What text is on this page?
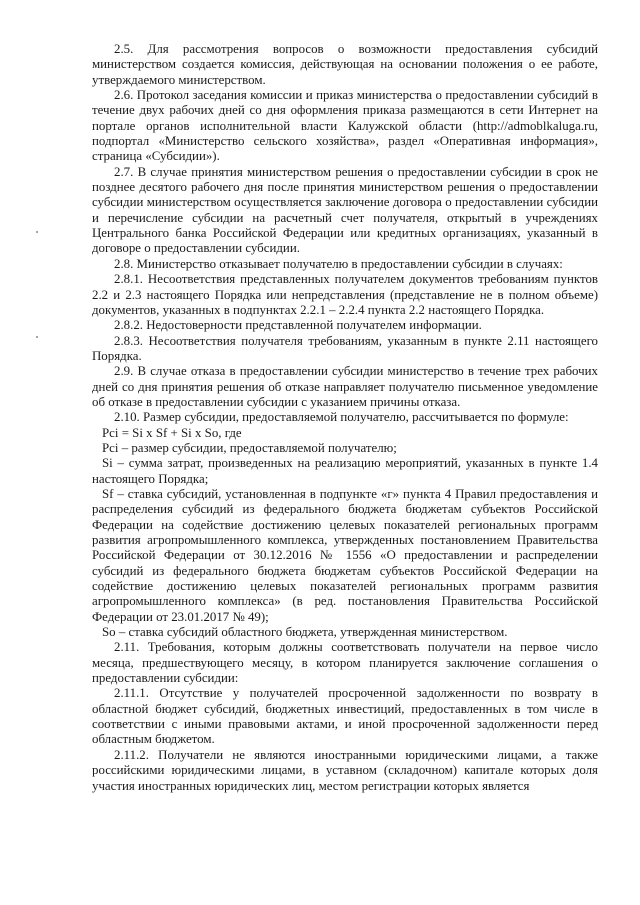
2.5. Для рассмотрения вопросов о возможности предоставления субсидий министерством создается комиссия, действующая на основании положения о ее работе, утверждаемого министерством.

2.6. Протокол заседания комиссии и приказ министерства о предоставлении субсидий в течение двух рабочих дней со дня оформления приказа размещаются в сети Интернет на портале органов исполнительной власти Калужской области (http://admoblkaluga.ru, подпортал «Министерство сельского хозяйства», раздел «Оперативная информация», страница «Субсидии»).

2.7. В случае принятия министерством решения о предоставлении субсидии в срок не позднее десятого рабочего дня после принятия министерством решения о предоставлении субсидии министерством осуществляется заключение договора о предоставлении субсидии и перечисление субсидии на расчетный счет получателя, открытый в учреждениях Центрального банка Российской Федерации или кредитных организациях, указанный в договоре о предоставлении субсидии.

2.8. Министерство отказывает получателю в предоставлении субсидии в случаях:

2.8.1. Несоответствия представленных получателем документов требованиям пунктов 2.2 и 2.3 настоящего Порядка или непредставления (представление не в полном объеме) документов, указанных в подпунктах 2.2.1 – 2.2.4 пункта 2.2 настоящего Порядка.

2.8.2. Недостоверности представленной получателем информации.

2.8.3. Несоответствия получателя требованиям, указанным в пункте 2.11 настоящего Порядка.

2.9. В случае отказа в предоставлении субсидии министерство в течение трех рабочих дней со дня принятия решения об отказе направляет получателю письменное уведомление об отказе в предоставлении субсидии с указанием причины отказа.

2.10. Размер субсидии, предоставляемой получателю, рассчитывается по формуле:

Pci = Si x Sf + Si x So, где

Pci – размер субсидии, предоставляемой получателю;

Si – сумма затрат, произведенных на реализацию мероприятий, указанных в пункте 1.4 настоящего Порядка;

Sf – ставка субсидий, установленная в подпункте «г» пункта 4 Правил предоставления и распределения субсидий из федерального бюджета бюджетам субъектов Российской Федерации на содействие достижению целевых показателей региональных программ развития агропромышленного комплекса, утвержденных постановлением Правительства Российской Федерации от 30.12.2016 № 1556 «О предоставлении и распределении субсидий из федерального бюджета бюджетам субъектов Российской Федерации на содействие достижению целевых показателей региональных программ развития агропромышленного комплекса» (в ред. постановления Правительства Российской Федерации от 23.01.2017 № 49);

So – ставка субсидий областного бюджета, утвержденная министерством.

2.11. Требования, которым должны соответствовать получатели на первое число месяца, предшествующего месяцу, в котором планируется заключение соглашения о предоставлении субсидии:

2.11.1. Отсутствие у получателей просроченной задолженности по возврату в областной бюджет субсидий, бюджетных инвестиций, предоставленных в том числе в соответствии с иными правовыми актами, и иной просроченной задолженности перед областным бюджетом.

2.11.2. Получатели не являются иностранными юридическими лицами, а также российскими юридическими лицами, в уставном (складочном) капитале которых доля участия иностранных юридических лиц, местом регистрации которых является
